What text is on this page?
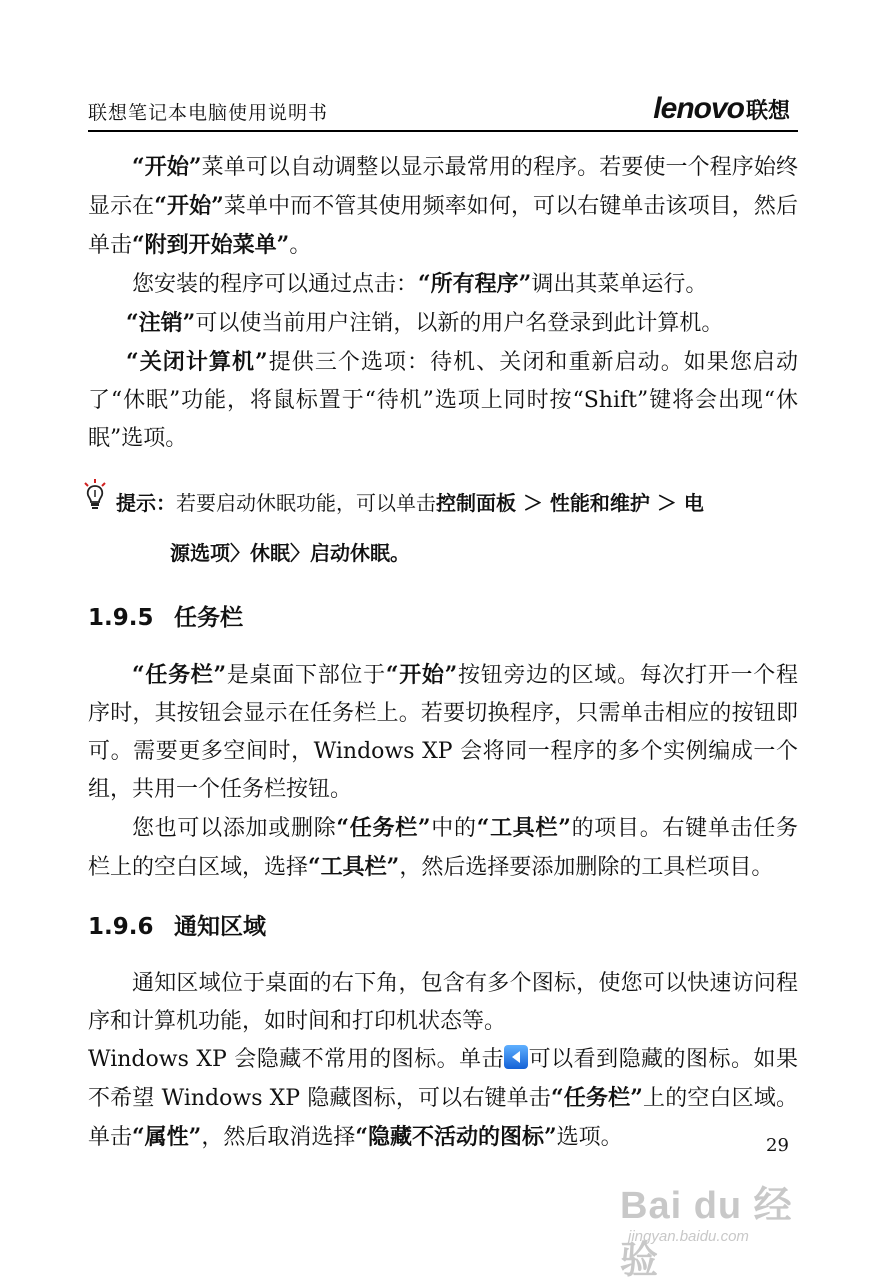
联想笔记本电脑使用说明书	lenovo联想

“开始”菜单可以自动调整以显示最常用的程序。若要使一个程序始终显示在“开始”菜单中而不管其使用频率如何，可以右键单击该项目，然后单击“附到开始菜单”。

您安装的程序可以通过点击：“所有程序”调出其菜单运行。

“注销”可以使当前用户注销，以新的用户名登录到此计算机。

“关闭计算机”提供三个选项：待机、关闭和重新启动。如果您启动了“休眠”功能，将鼠标置于“待机”选项上同时按“Shift”键将会出现“休眠”选项。

提示：若要启动休眠功能，可以单击控制面板 ＞ 性能和维护 ＞ 电
源选项〉休眠〉启动休眠。
1.9.5 任务栏

“任务栏”是桌面下部位于“开始”按钮旁边的区域。每次打开一个程序时，其按钮会显示在任务栏上。若要切换程序，只需单击相应的按钮即可。需要更多空间时，Windows XP 会将同一程序的多个实例编成一个组，共用一个任务栏按钮。

您也可以添加或删除“任务栏”中的“工具栏”的项目。右键单击任务栏上的空白区域，选择“工具栏”，然后选择要添加删除的工具栏项目。

1.9.6 通知区域

通知区域位于桌面的右下角，包含有多个图标，使您可以快速访问程序和计算机功能，如时间和打印机状态等。

Windows XP 会隐藏不常用的图标。单击 可以看到隐藏的图标。如果不希望 Windows XP 隐藏图标，可以右键单击“任务栏”上的空白区域。单击“属性”，然后取消选择“隐藏不活动的图标”选项。	29
Bai du 经验
jingyan.baidu.com
